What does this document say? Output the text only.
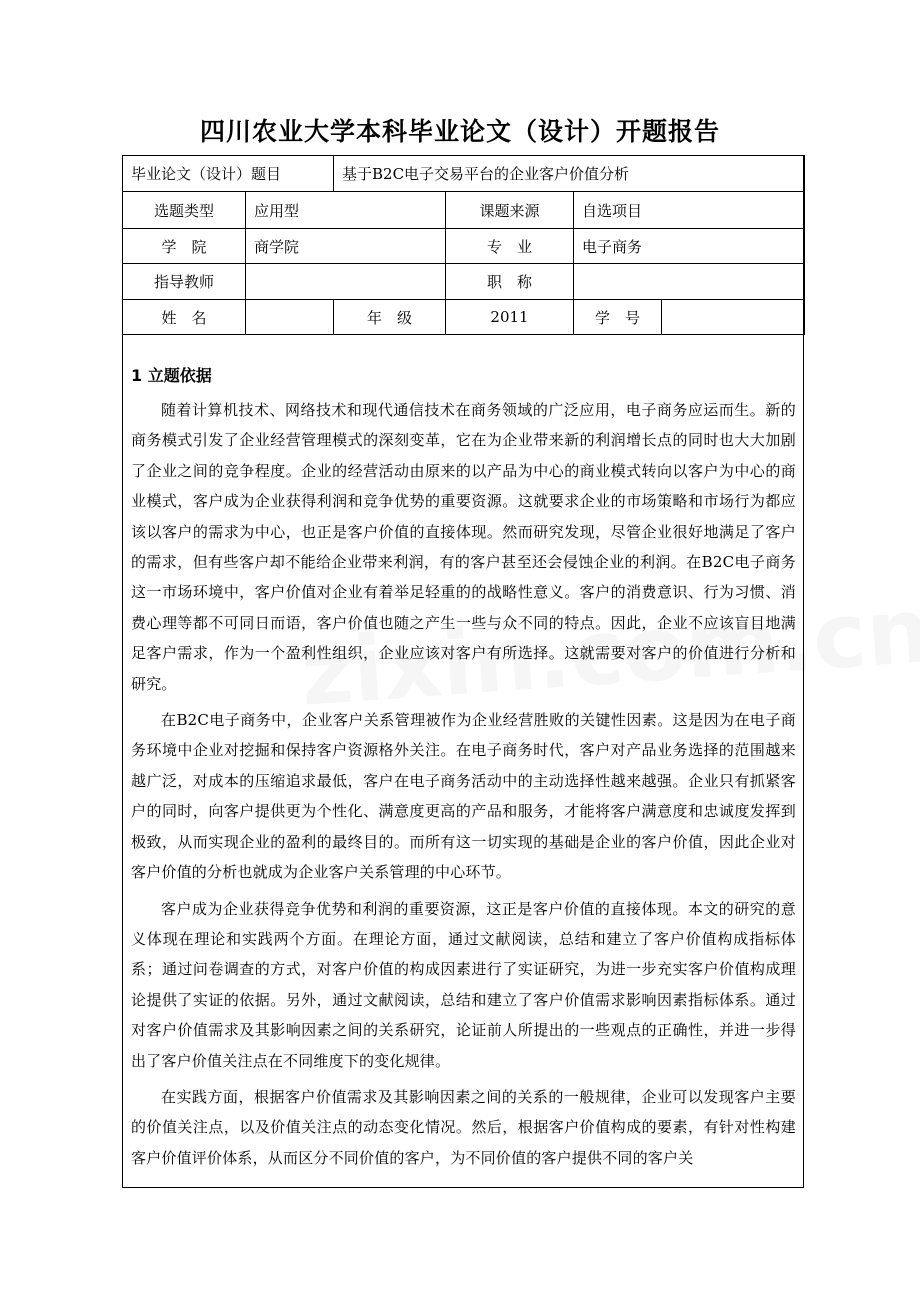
四川农业大学本科毕业论文（设计）开题报告
毕业论文（设计）题目		基于B2C电子交易平台的企业客户价值分析			
选题类型	应用型		课题来源	自选项目	
学　院	商学院		专　业	电子商务	
指导教师			职　称		
姓　名		年　级	2011	学　号	
1 立题依据

随着计算机技术、网络技术和现代通信技术在商务领域的广泛应用，电子商务应运而生。新的商务模式引发了企业经营管理模式的深刻变革，它在为企业带来新的利润增长点的同时也大大加剧了企业之间的竞争程度。企业的经营活动由原来的以产品为中心的商业模式转向以客户为中心的商业模式，客户成为企业获得利润和竞争优势的重要资源。这就要求企业的市场策略和市场行为都应该以客户的需求为中心，也正是客户价值的直接体现。然而研究发现，尽管企业很好地满足了客户的需求，但有些客户却不能给企业带来利润，有的客户甚至还会侵蚀企业的利润。在B2C电子商务这一市场环境中，客户价值对企业有着举足轻重的的战略性意义。客户的消费意识、行为习惯、消费心理等都不可同日而语，客户价值也随之产生一些与众不同的特点。因此，企业不应该盲目地满足客户需求，作为一个盈利性组织，企业应该对客户有所选择。这就需要对客户的价值进行分析和研究。

在B2C电子商务中，企业客户关系管理被作为企业经营胜败的关键性因素。这是因为在电子商务环境中企业对挖掘和保持客户资源格外关注。在电子商务时代，客户对产品业务选择的范围越来越广泛，对成本的压缩追求最低，客户在电子商务活动中的主动选择性越来越强。企业只有抓紧客户的同时，向客户提供更为个性化、满意度更高的产品和服务，才能将客户满意度和忠诚度发挥到极致，从而实现企业的盈利的最终目的。而所有这一切实现的基础是企业的客户价值，因此企业对客户价值的分析也就成为企业客户关系管理的中心环节。

客户成为企业获得竞争优势和利润的重要资源，这正是客户价值的直接体现。本文的研究的意义体现在理论和实践两个方面。在理论方面，通过文献阅读，总结和建立了客户价值构成指标体系；通过问卷调查的方式，对客户价值的构成因素进行了实证研究，为进一步充实客户价值构成理论提供了实证的依据。另外，通过文献阅读，总结和建立了客户价值需求影响因素指标体系。通过对客户价值需求及其影响因素之间的关系研究，论证前人所提出的一些观点的正确性，并进一步得出了客户价值关注点在不同维度下的变化规律。

在实践方面，根据客户价值需求及其影响因素之间的关系的一般规律，企业可以发现客户主要的价值关注点，以及价值关注点的动态变化情况。然后，根据客户价值构成的要素，有针对性构建客户价值评价体系，从而区分不同价值的客户，为不同价值的客户提供不同的客户关
